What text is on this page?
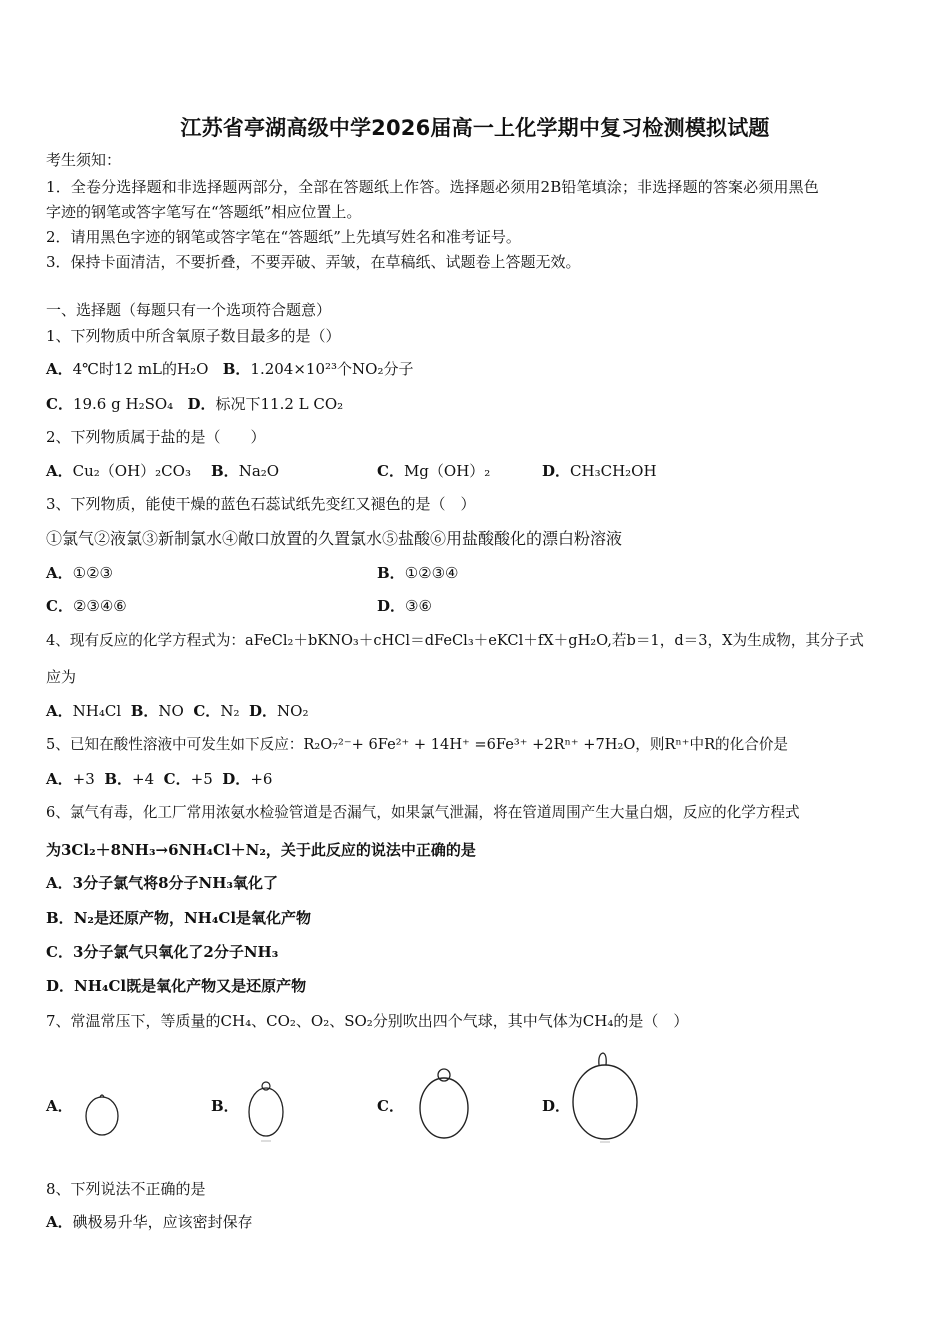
江苏省亭湖高级中学2026届高一上化学期中复习检测模拟试题
考生须知：
1．全卷分选择题和非选择题两部分，全部在答题纸上作答。选择题必须用2B铅笔填涂；非选择题的答案必须用黑色
字迹的钢笔或答字笔写在“答题纸”相应位置上。
2．请用黑色字迹的钢笔或答字笔在“答题纸”上先填写姓名和准考证号。
3．保持卡面清洁，不要折叠，不要弄破、弄皱，在草稿纸、试题卷上答题无效。
一、选择题（每题只有一个选项符合题意）
1、下列物质中所含氧原子数目最多的是（）
A．4℃时12 mL的H₂O B．1.204×10²³个NO₂分子
C．19.6 g H₂SO₄ D．标况下11.2 L CO₂
2、下列物质属于盐的是（　　）
A．Cu₂（OH）₂CO₃ B．Na₂O	C．Mg（OH）₂	D．CH₃CH₂OH
3、下列物质，能使干燥的蓝色石蕊试纸先变红又褪色的是（　）
①氯气②液氯③新制氯水④敞口放置的久置氯水⑤盐酸⑥用盐酸酸化的漂白粉溶液
A．①②③	B．①②③④
C．②③④⑥	D．③⑥
4、现有反应的化学方程式为：aFeCl₂＋bKNO₃＋cHCl＝dFeCl₃＋eKCl＋fX＋gH₂O,若b＝1，d＝3，X为生成物，其分子式
应为
A．NH₄Cl B．NO C．N₂ D．NO₂
5、已知在酸性溶液中可发生如下反应：R₂O₇²⁻+ 6Fe²⁺ + 14H⁺ =6Fe³⁺ +2Rⁿ⁺ +7H₂O，则Rⁿ⁺中R的化合价是
A．+3 B．+4 C．+5 D．+6
6、氯气有毒，化工厂常用浓氨水检验管道是否漏气，如果氯气泄漏，将在管道周围产生大量白烟，反应的化学方程式
为3Cl₂＋8NH₃→6NH₄Cl＋N₂，关于此反应的说法中正确的是
A．3分子氯气将8分子NH₃氧化了
B．N₂是还原产物，NH₄Cl是氧化产物
C．3分子氯气只氧化了2分子NH₃
D．NH₄Cl既是氧化产物又是还原产物
7、常温常压下，等质量的CH₄、CO₂、O₂、SO₂分别吹出四个气球，其中气体为CH₄的是（　）
A．	B．	C．	D．
8、下列说法不正确的是
A．碘极易升华，应该密封保存
